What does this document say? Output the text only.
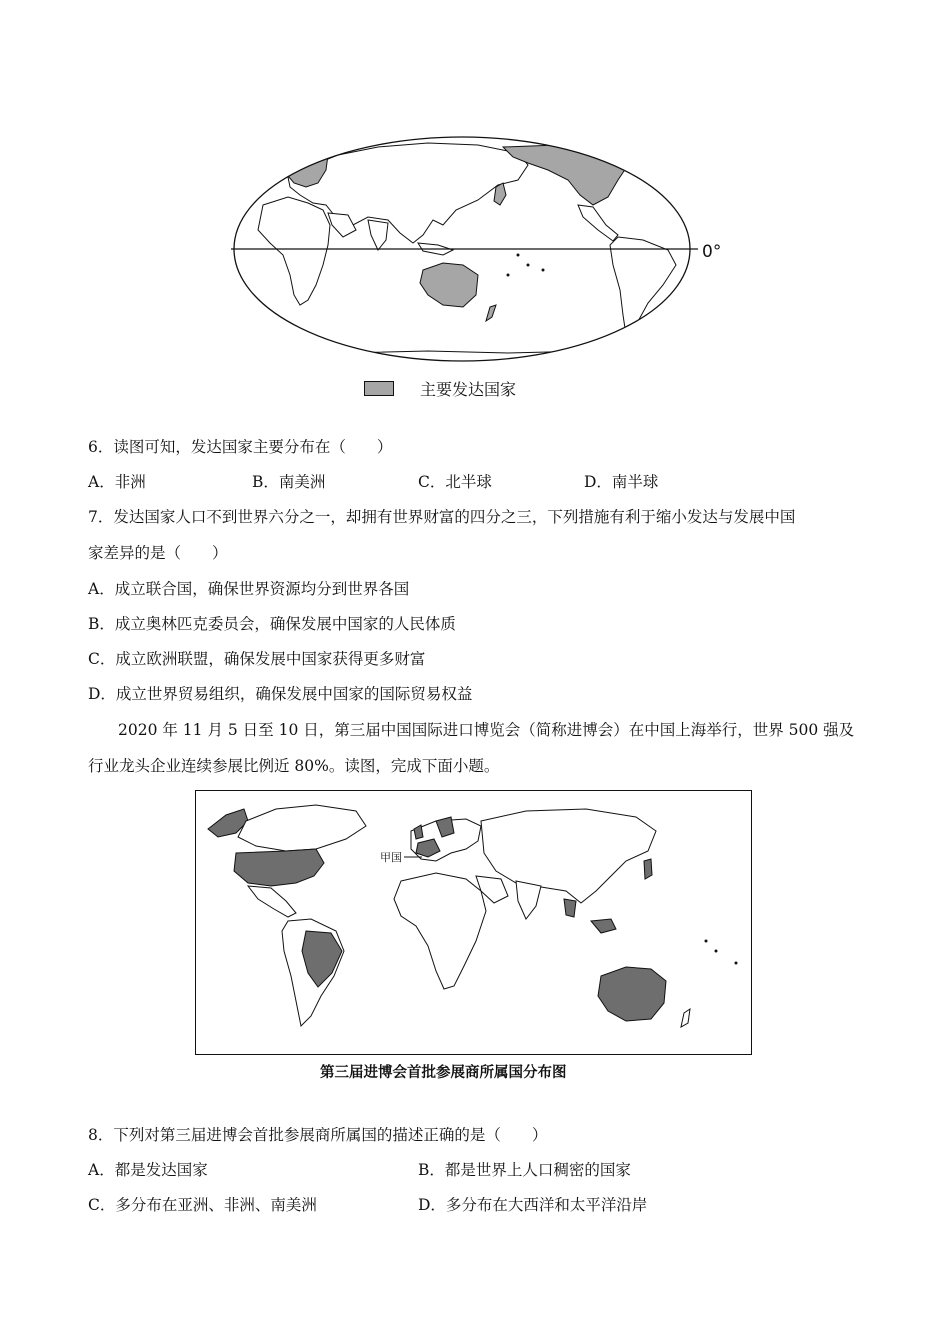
0°
主要发达国家
6．读图可知，发达国家主要分布在（　　）
A．非洲	B．南美洲	C．北半球	D．南半球
7．发达国家人口不到世界六分之一，却拥有世界财富的四分之三，下列措施有利于缩小发达与发展中国
家差异的是（　　）
A．成立联合国，确保世界资源均分到世界各国
B．成立奥林匹克委员会，确保发展中国家的人民体质
C．成立欧洲联盟，确保发展中国家获得更多财富
D．成立世界贸易组织，确保发展中国家的国际贸易权益
2020 年 11 月 5 日至 10 日，第三届中国国际进口博览会（简称进博会）在中国上海举行，世界 500 强及
行业龙头企业连续参展比例近 80%。读图，完成下面小题。
甲国
第三届进博会首批参展商所属国分布图
8．下列对第三届进博会首批参展商所属国的描述正确的是（　　）
A．都是发达国家	B．都是世界上人口稠密的国家
C．多分布在亚洲、非洲、南美洲	D．多分布在大西洋和太平洋沿岸
